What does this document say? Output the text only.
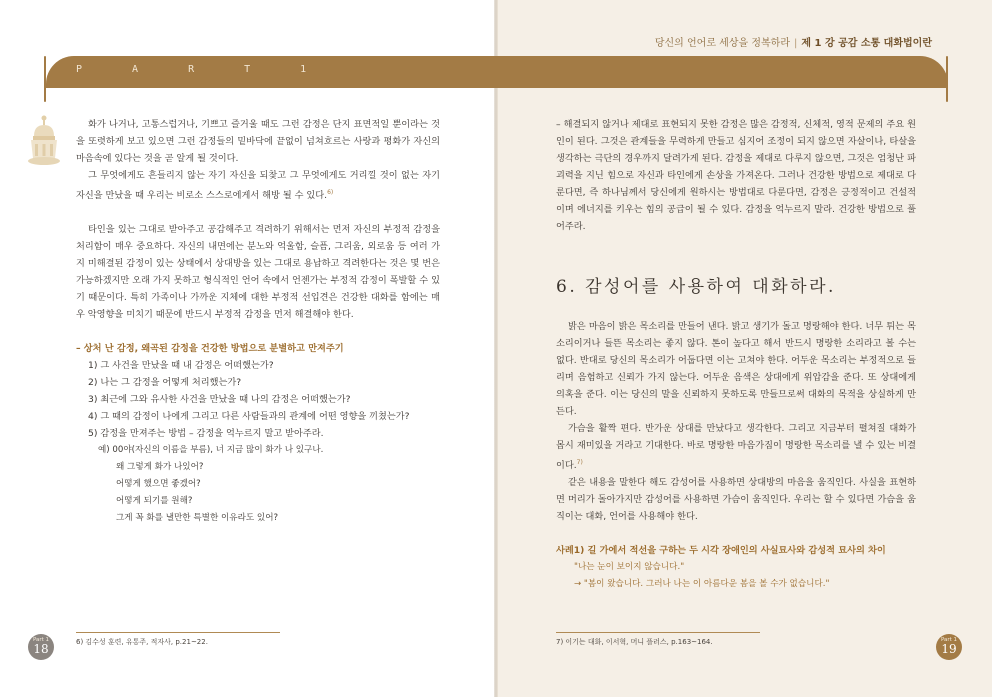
P A R T 1
당신의 언어로 세상을 정복하라 | 제 1 강 공감 소통 대화법이란

화가 나거나, 고통스럽거나, 기쁘고 즐거울 때도 그런 감정은 단지 표면적일 뿐이라는 것을 또렷하게 보고 있으면 그런 감정들의 밑바닥에 끝없이 넘쳐흐르는 사랑과 평화가 자신의 마음속에 있다는 것을 곧 알게 될 것이다.

그 무엇에게도 흔들리지 않는 자기 자신을 되찾고 그 무엇에게도 거리낄 것이 없는 자기 자신을 만났을 때 우리는 비로소 스스로에게서 해방 될 수 있다.$^{6)}$

타인을 있는 그대로 받아주고 공감해주고 격려하기 위해서는 먼저 자신의 부정적 감정을 처리함이 매우 중요하다. 자신의 내면에는 분노와 억울함, 슬픔, 그리움, 외로움 등 여러 가지 미해결된 감정이 있는 상태에서 상대방을 있는 그대로 용납하고 격려한다는 것은 몇 번은 가능하겠지만 오래 가지 못하고 형식적인 언어 속에서 언젠가는 부정적 감정이 폭발할 수 있기 때문이다. 특히 가족이나 가까운 지체에 대한 부정적 선입견은 건강한 대화를 함에는 매우 악영향을 미치기 때문에 반드시 부정적 감정을 먼저 해결해야 한다.

– 상처 난 감정, 왜곡된 감정을 건강한 방법으로 분별하고 만져주기

1) 그 사건을 만났을 때 내 감정은 어떠했는가?

2) 나는 그 감정을 어떻게 처리했는가?

3) 최근에 그와 유사한 사건을 만났을 때 나의 감정은 어떠했는가?

4) 그 때의 감정이 나에게 그리고 다른 사람들과의 관계에 어떤 영향을 끼쳤는가?

5) 감정을 만져주는 방법 – 감정을 억누르지 말고 받아주라.

예) 00야(자신의 이름을 부름), 너 지금 많이 화가 나 있구나.

왜 그렇게 화가 나있어?

어떻게 했으면 좋겠어?

어떻게 되기를 원해?

그게 꼭 화를 낼만한 특별한 이유라도 있어?

6) 김수성 훈련, 유통주, 적자사, p.21~22.
Part 1
18

– 해결되지 않거나 제대로 표현되지 못한 감정은 많은 감정적, 신체적, 영적 문제의 주요 원인이 된다. 그것은 관계들을 무력하게 만들고 심지어 조정이 되지 않으면 자살이나, 타살을 생각하는 극단의 경우까지 달려가게 된다. 감정을 제대로 다루지 않으면, 그것은 엄청난 파괴력을 지닌 힘으로 자신과 타인에게 손상을 가져온다. 그러나 건강한 방법으로 제대로 다룬다면, 즉 하나님께서 당신에게 원하시는 방법대로 다룬다면, 감정은 긍정적이고 건설적이며 에너지를 키우는 힘의 공급이 될 수 있다. 감정을 억누르지 말라. 건강한 방법으로 풀어주라.

6. 감성어를 사용하여 대화하라.

밝은 마음이 밝은 목소리를 만들어 낸다. 밝고 생기가 돌고 명랑해야 한다. 너무 튀는 목소리이거나 들뜬 목소리는 좋지 않다. 톤이 높다고 해서 반드시 명랑한 소리라고 볼 수는 없다. 반대로 당신의 목소리가 어둡다면 이는 고쳐야 한다. 어두운 목소리는 부정적으로 들리며 음험하고 신뢰가 가지 않는다. 어두운 음색은 상대에게 위압감을 준다. 또 상대에게 의혹을 준다. 이는 당신의 말을 신뢰하지 못하도록 만들므로써 대화의 목적을 상실하게 만든다.

가슴을 활짝 편다. 반가운 상대를 만났다고 생각한다. 그리고 지금부터 펼쳐질 대화가 몹시 재미있을 거라고 기대한다. 바로 명랑한 마음가짐이 명랑한 목소리를 낼 수 있는 비결이다.$^{7)}$

같은 내용을 말한다 해도 감성어를 사용하면 상대방의 마음을 움직인다. 사실을 표현하면 머리가 돌아가지만 감성어를 사용하면 가슴이 움직인다. 우리는 할 수 있다면 가슴을 움직이는 대화, 언어를 사용해야 한다.

사례1) 길 가에서 적선을 구하는 두 시각 장애인의 사실묘사와 감성적 묘사의 차이

"나는 눈이 보이지 않습니다."

→ "봄이 왔습니다. 그러나 나는 이 아름다운 봄을 볼 수가 없습니다."

7) 이기는 대화, 이서혁, 머니 플러스, p.163~164.	Part 1
19
